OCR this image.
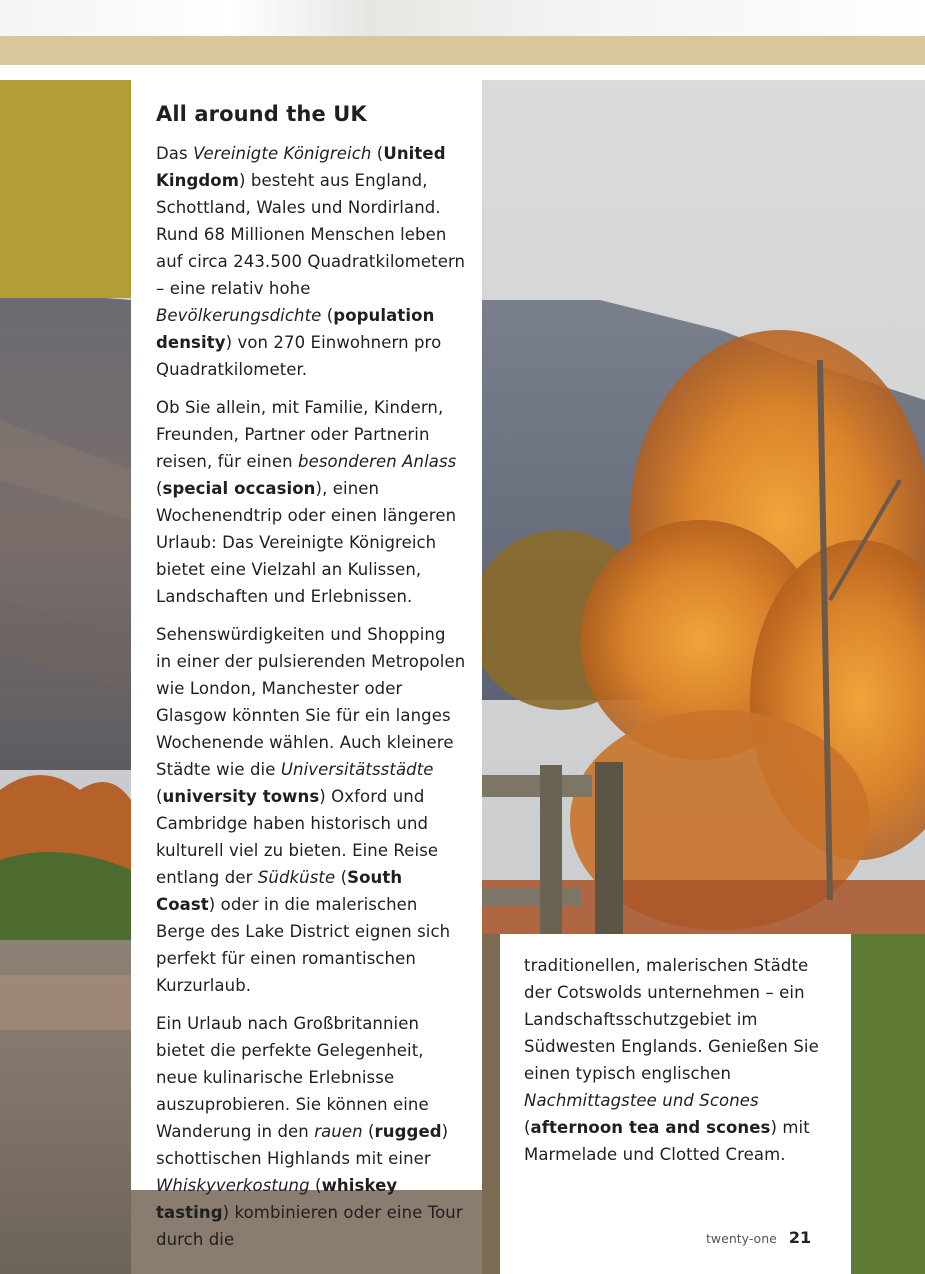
All around the UK

Das Vereinigte Königreich (United Kingdom) besteht aus England, Schottland, Wales und Nordirland. Rund 68 Millionen Menschen leben auf circa 243.500 Quadratkilometern – eine relativ hohe Bevölkerungsdichte (population density) von 270 Einwohnern pro Quadratkilometer.

Ob Sie allein, mit Familie, Kindern, Freunden, Partner oder Partnerin reisen, für einen besonderen Anlass (special occasion), einen Wochenendtrip oder einen längeren Urlaub: Das Vereinigte Königreich bietet eine Vielzahl an Kulissen, Landschaften und Erlebnissen.

Sehenswürdigkeiten und Shopping in einer der pulsierenden Metropolen wie London, Manchester oder Glasgow könnten Sie für ein langes Wochenende wählen. Auch kleinere Städte wie die Universitätsstädte (university towns) Oxford und Cambridge haben historisch und kulturell viel zu bieten. Eine Reise entlang der Südküste (South Coast) oder in die malerischen Berge des Lake District eignen sich perfekt für einen romantischen Kurzurlaub.

Ein Urlaub nach Großbritannien bietet die perfekte Gelegenheit, neue kulinarische Erlebnisse auszuprobieren. Sie können eine Wanderung in den rauen (rugged) schottischen Highlands mit einer Whiskyverkostung (whiskey tasting) kombinieren oder eine Tour durch die

traditionellen, malerischen Städte der Cotswolds unternehmen – ein Landschaftsschutzgebiet im Südwesten Englands. Genießen Sie einen typisch englischen Nachmittagstee und Scones (afternoon tea and scones) mit Marmelade und Clotted Cream.

twenty-one 21
